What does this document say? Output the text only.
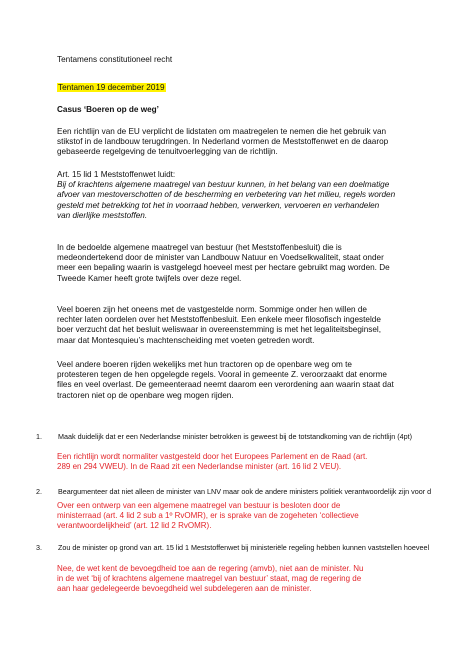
Tentamens constitutioneel recht
Tentamen 19 december 2019
Casus ‘Boeren op de weg’
Een richtlijn van de EU verplicht de lidstaten om maatregelen te nemen die het gebruik van
stikstof in de landbouw terugdringen. In Nederland vormen de Meststoffenwet en de daarop
gebaseerde regelgeving de tenuitvoerlegging van de richtlijn.
Art. 15 lid 1 Meststoffenwet luidt:
Bij of krachtens algemene maatregel van bestuur kunnen, in het belang van een doelmatige
afvoer van mestoverschotten of de bescherming en verbetering van het milieu, regels worden
gesteld met betrekking tot het in voorraad hebben, verwerken, vervoeren en verhandelen
van dierlijke meststoffen.
In de bedoelde algemene maatregel van bestuur (het Meststoffenbesluit) die is
medeondertekend door de minister van Landbouw Natuur en Voedselkwaliteit, staat onder
meer een bepaling waarin is vastgelegd hoeveel mest per hectare gebruikt mag worden. De
Tweede Kamer heeft grote twijfels over deze regel.
Veel boeren zijn het oneens met de vastgestelde norm. Sommige onder hen willen de
rechter laten oordelen over het Meststoffenbesluit. Een enkele meer filosofisch ingestelde
boer verzucht dat het besluit weliswaar in overeenstemming is met het legaliteitsbeginsel,
maar dat Montesquieu’s machtenscheiding met voeten getreden wordt.
Veel andere boeren rijden wekelijks met hun tractoren op de openbare weg om te
protesteren tegen de hen opgelegde regels. Vooral in gemeente Z. veroorzaakt dat enorme
files en veel overlast. De gemeenteraad neemt daarom een verordening aan waarin staat dat
tractoren niet op de openbare weg mogen rijden.
1. Maak duidelijk dat er een Nederlandse minister betrokken is geweest bij de totstandkoming van de richtlijn (4pt)
Een richtlijn wordt normaliter vastgesteld door het Europees Parlement en de Raad (art.
289 en 294 VWEU). In de Raad zit een Nederlandse minister (art. 16 lid 2 VEU).
2. Beargumenteer dat niet alleen de minister van LNV maar ook de andere ministers politiek verantwoordelijk zijn voor d
Over een ontwerp van een algemene maatregel van bestuur is besloten door de
ministerraad (art. 4 lid 2 sub a 1º RvOMR), er is sprake van de zogeheten ‘collectieve
verantwoordelijkheid’ (art. 12 lid 2 RvOMR).
3. Zou de minister op grond van art. 15 lid 1 Meststoffenwet bij ministeriële regeling hebben kunnen vaststellen hoeveel
Nee, de wet kent de bevoegdheid toe aan de regering (amvb), niet aan de minister. Nu
in de wet ‘bij of krachtens algemene maatregel van bestuur’ staat, mag de regering de
aan haar gedelegeerde bevoegdheid wel subdelegeren aan de minister.
